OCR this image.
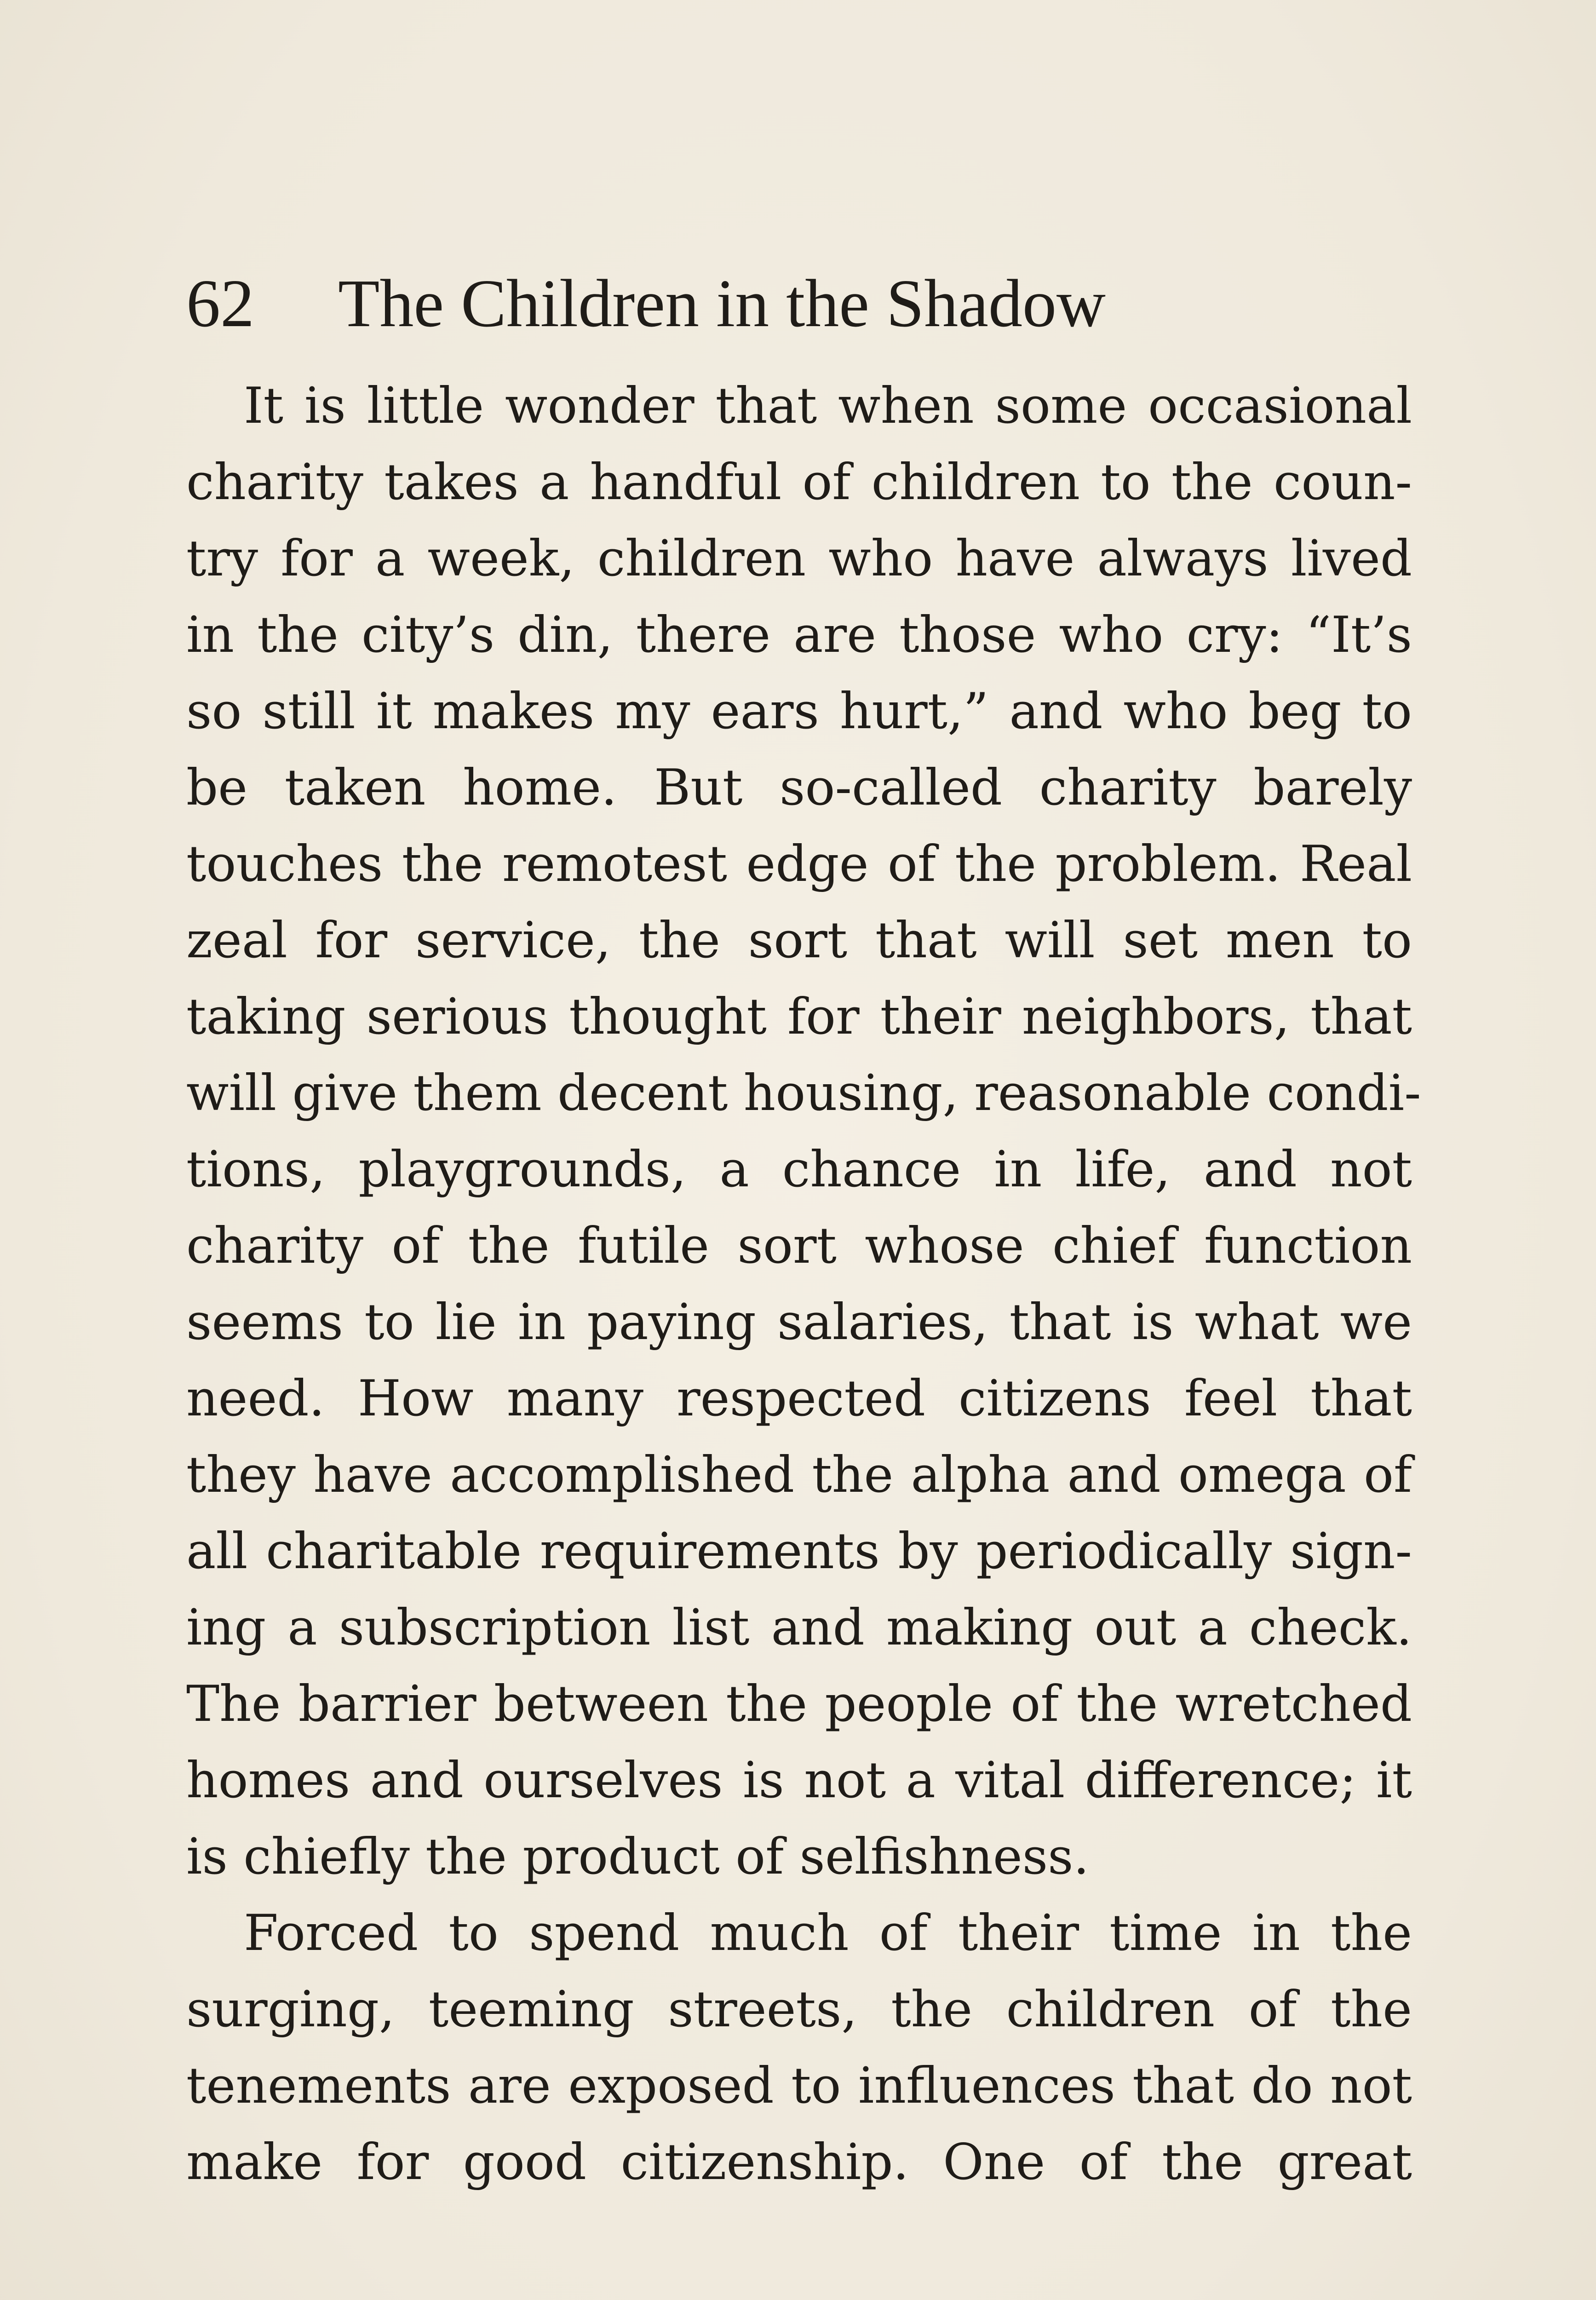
62 The Children in the Shadow
It is little wonder that when some occasional
charity takes a handful of children to the coun-
try for a week, children who have always lived
in the city’s din, there are those who cry: “It’s
so still it makes my ears hurt,” and who beg to
be taken home. But so-called charity barely
touches the remotest edge of the problem. Real
zeal for service, the sort that will set men to
taking serious thought for their neighbors, that
will give them decent housing, reasonable condi-
tions, playgrounds, a chance in life, and not
charity of the futile sort whose chief function
seems to lie in paying salaries, that is what we
need. How many respected citizens feel that
they have accomplished the alpha and omega of
all charitable requirements by periodically sign-
ing a subscription list and making out a check.
The barrier between the people of the wretched
homes and ourselves is not a vital difference; it
is chiefly the product of selfishness.
Forced to spend much of their time in the
surging, teeming streets, the children of the
tenements are exposed to influences that do not
make for good citizenship. One of the great
